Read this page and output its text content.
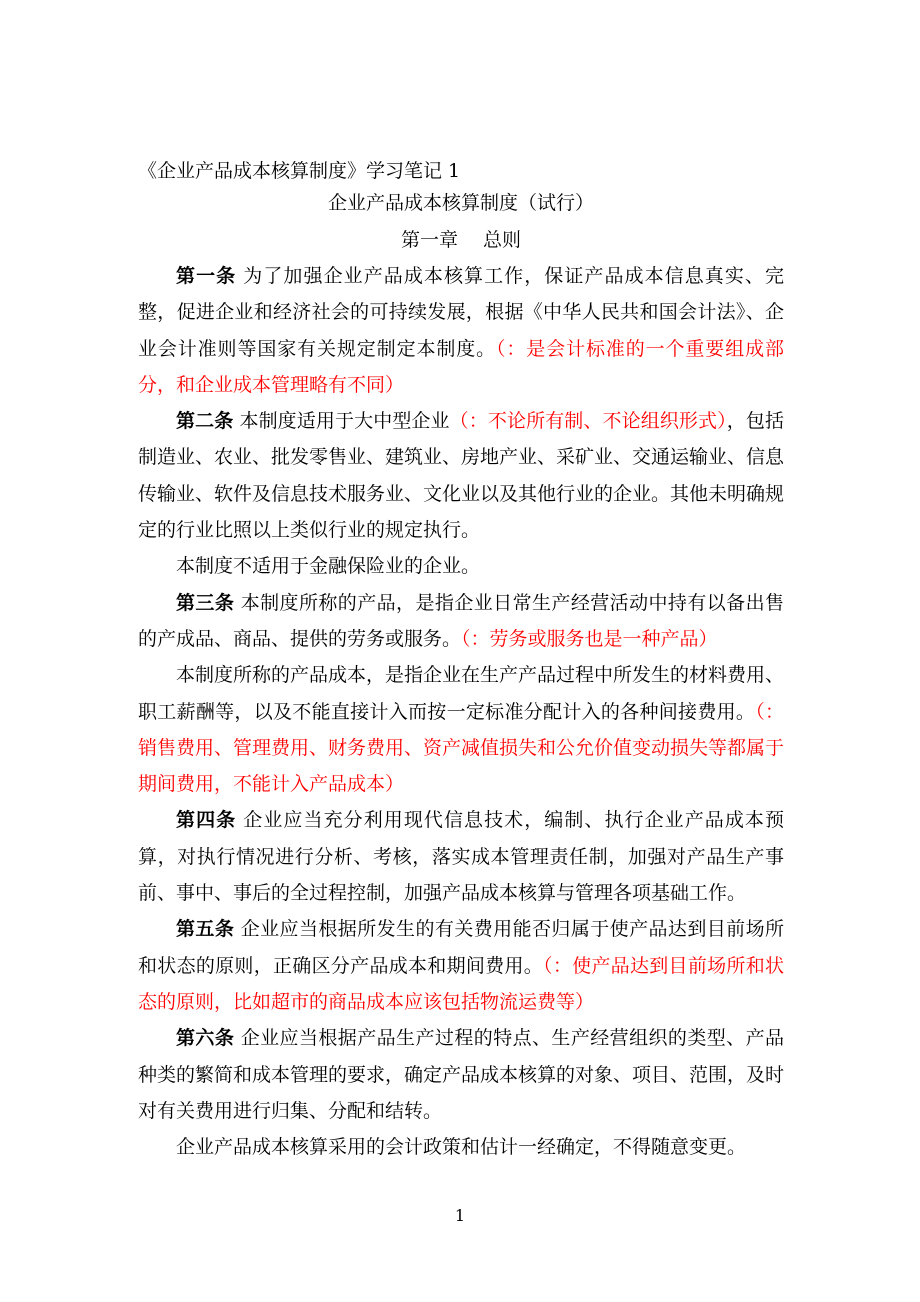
《企业产品成本核算制度》学习笔记 1
企业产品成本核算制度（试行）
第一章　 总则

第一条 为了加强企业产品成本核算工作，保证产品成本信息真实、完整，促进企业和经济社会的可持续发展，根据《中华人民共和国会计法》、企业会计准则等国家有关规定制定本制度。（：是会计标准的一个重要组成部分，和企业成本管理略有不同）

第二条 本制度适用于大中型企业（：不论所有制、不论组织形式），包括制造业、农业、批发零售业、建筑业、房地产业、采矿业、交通运输业、信息传输业、软件及信息技术服务业、文化业以及其他行业的企业。其他未明确规定的行业比照以上类似行业的规定执行。

本制度不适用于金融保险业的企业。

第三条 本制度所称的产品，是指企业日常生产经营活动中持有以备出售的产成品、商品、提供的劳务或服务。（：劳务或服务也是一种产品）

本制度所称的产品成本，是指企业在生产产品过程中所发生的材料费用、职工薪酬等，以及不能直接计入而按一定标准分配计入的各种间接费用。（：销售费用、管理费用、财务费用、资产减值损失和公允价值变动损失等都属于期间费用，不能计入产品成本）

第四条 企业应当充分利用现代信息技术，编制、执行企业产品成本预算，对执行情况进行分析、考核，落实成本管理责任制，加强对产品生产事前、事中、事后的全过程控制，加强产品成本核算与管理各项基础工作。

第五条 企业应当根据所发生的有关费用能否归属于使产品达到目前场所和状态的原则，正确区分产品成本和期间费用。（：使产品达到目前场所和状态的原则，比如超市的商品成本应该包括物流运费等）

第六条 企业应当根据产品生产过程的特点、生产经营组织的类型、产品种类的繁简和成本管理的要求，确定产品成本核算的对象、项目、范围，及时对有关费用进行归集、分配和结转。

企业产品成本核算采用的会计政策和估计一经确定，不得随意变更。

1
